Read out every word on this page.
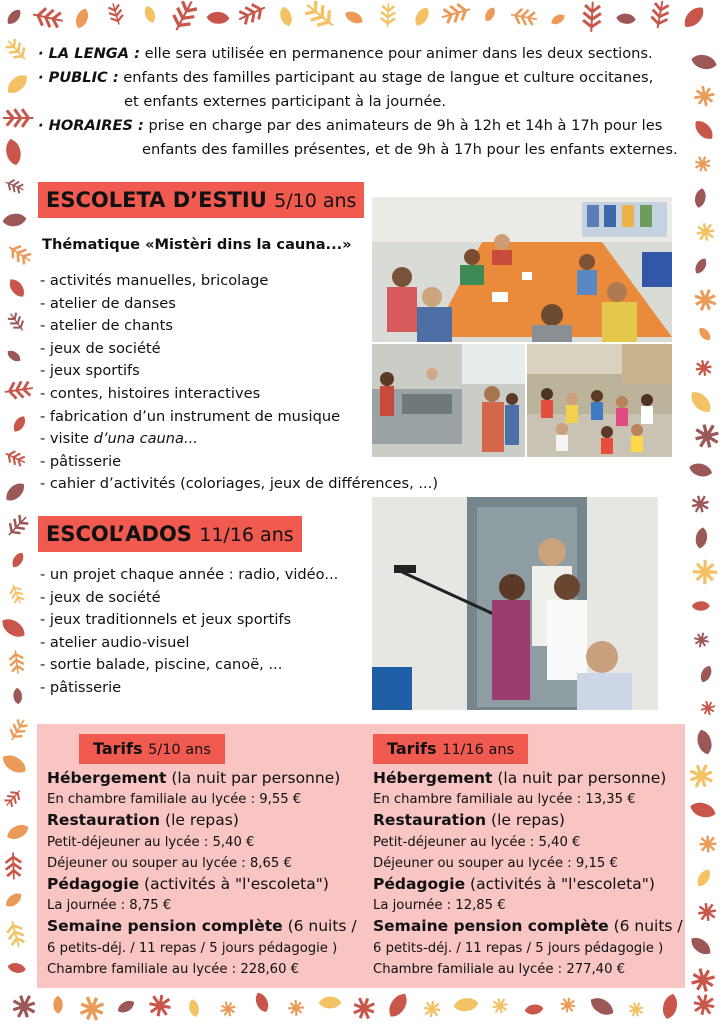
· LA LENGA : elle sera utilisée en permanence pour animer dans les deux sections.

· PUBLIC : enfants des familles participant au stage de langue et culture occitanes,

et enfants externes participant à la journée.

· HORAIRES : prise en charge par des animateurs de 9h à 12h et 14h à 17h pour les

enfants des familles présentes, et de 9h à 17h pour les enfants externes.

ESCOLETA D’ESTIU 5/10 ans
Thématique «Mistèri dins la cauna...»
- activités manuelles, bricolage
- atelier de danses
- atelier de chants
- jeux de société
- jeux sportifs
- contes, histoires interactives
- fabrication d’un instrument de musique
- visite d’una cauna...
- pâtisserie
- cahier d’activités (coloriages, jeux de différences, ...)
ESCOL’ADOS 11/16 ans
- un projet chaque année : radio, vidéo...
- jeux de société
- jeux traditionnels et jeux sportifs
- atelier audio-visuel
- sortie balade, piscine, canoë, ...
- pâtisserie
Tarifs 5/10 ans
Hébergement (la nuit par personne)
En chambre familiale au lycée : 9,55 €
Restauration (le repas)
Petit-déjeuner au lycée : 5,40 €
Déjeuner ou souper au lycée : 8,65 €
Pédagogie (activités à "l'escoleta")
La journée : 8,75 €
Semaine pension complète (6 nuits /
6 petits-déj. / 11 repas / 5 jours pédagogie )
Chambre familiale au lycée : 228,60 €
Tarifs 11/16 ans
Hébergement (la nuit par personne)
En chambre familiale au lycée : 13,35 €
Restauration (le repas)
Petit-déjeuner au lycée : 5,40 €
Déjeuner ou souper au lycée : 9,15 €
Pédagogie (activités à "l'escoleta")
La journée : 12,85 €
Semaine pension complète (6 nuits /
6 petits-déj. / 11 repas / 5 jours pédagogie )
Chambre familiale au lycée : 277,40 €
